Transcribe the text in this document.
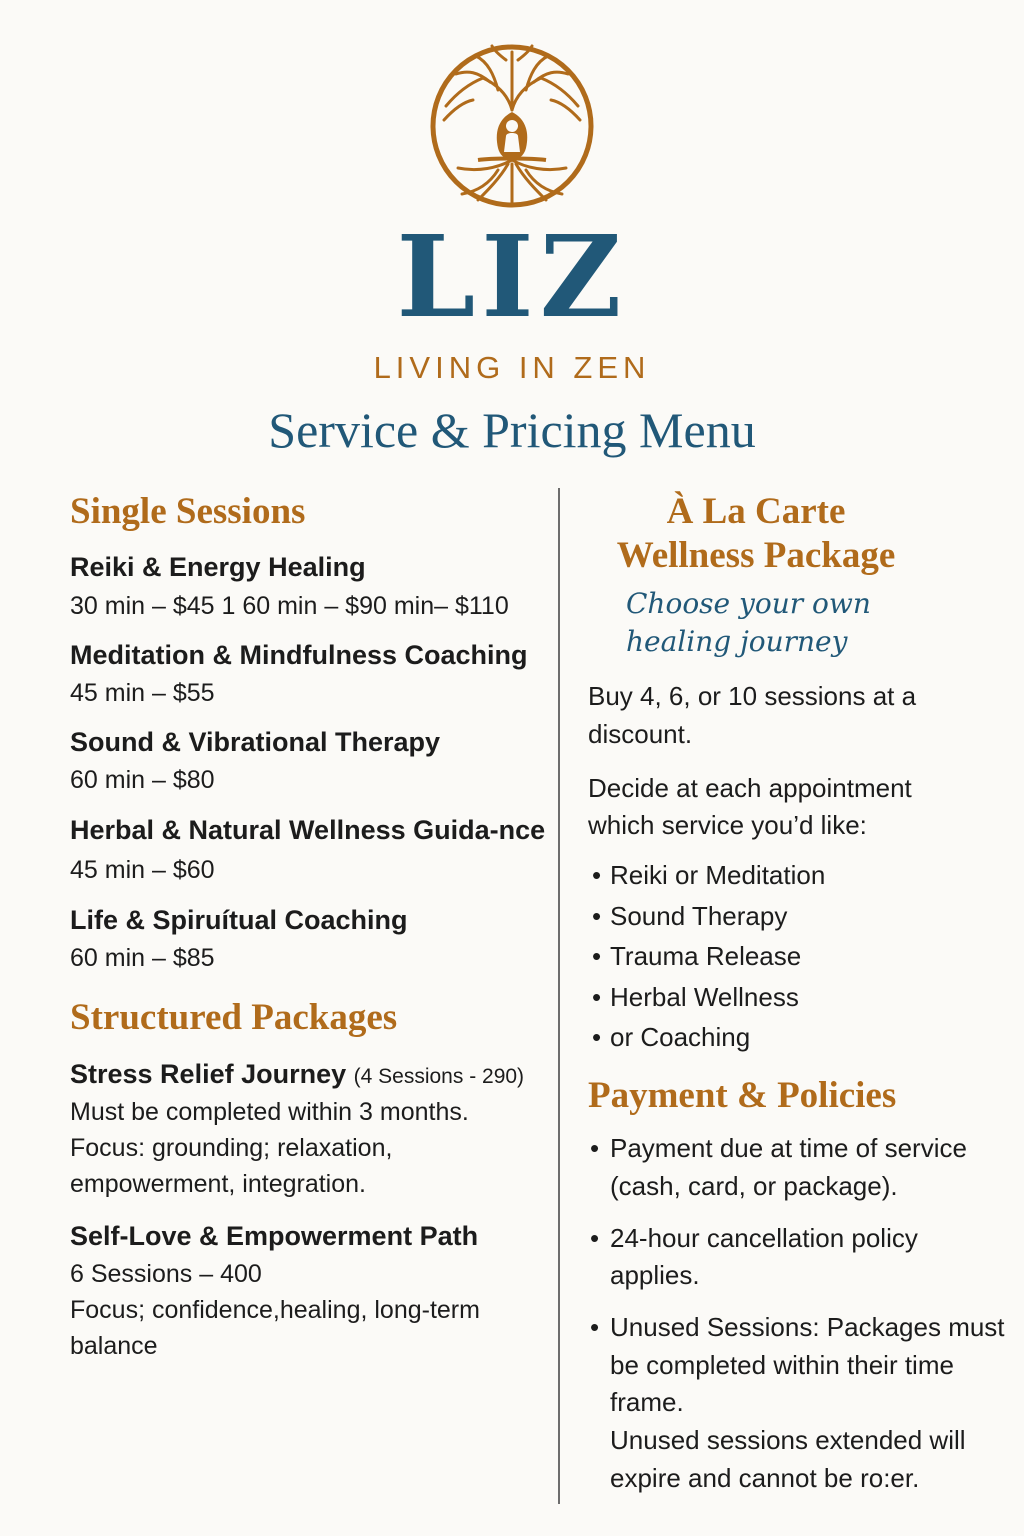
LIZ
LIVING IN ZEN
Service & Pricing Menu
Single Sessions

Reiki & Energy Healing

30 min – $45 1 60 min – $90 min– $110

Meditation & Mindfulness Coaching

45 min – $55

Sound & Vibrational Therapy

60 min – $80

Herbal & Natural Wellness Guida-nce 45 min – $60

Life & Spiruítual Coaching

60 min – $85

Structured Packages

Stress Relief Journey (4 Sessions - 290)

Must be completed within 3 months.

Focus: grounding; relaxation, empowerment, integration.

Self-Love & Empowerment Path

6 Sessions – 400

Focus; confidence,healing, long-term balance

À La Carte
Wellness Package

Choose your own healing journey

Buy 4, 6, or 10 sessions at a discount.

Decide at each appointment which service you’d like:

• Reiki or Meditation
• Sound Therapy
• Trauma Release
• Herbal Wellness
• or Coaching
Payment & Policies
• Payment due at time of service (cash, card, or package).
• 24-hour cancellation policy applies.
• Unused Sessions: Packages must be completed within their time frame.

Unused sessions extended will expire and cannot be ro:er.
